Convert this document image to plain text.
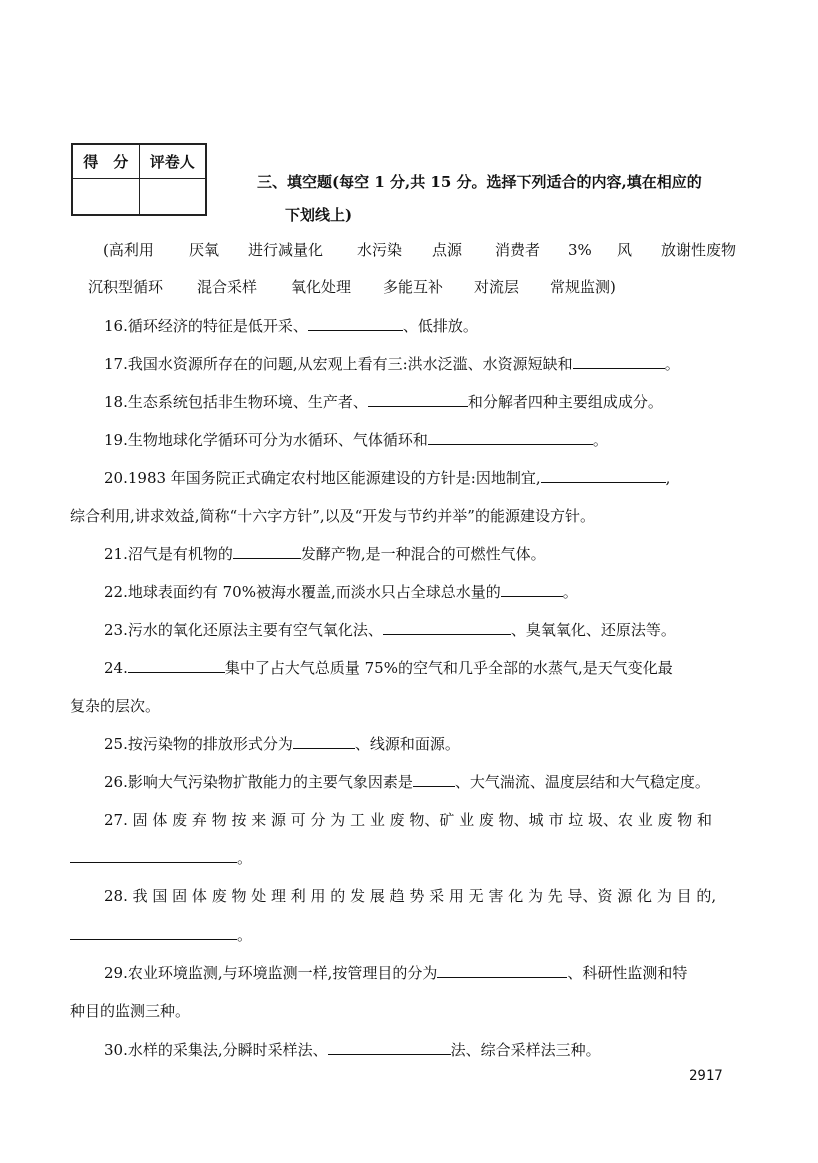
得　分	评卷人

三、填空题(每空 1 分,共 15 分。选择下列适合的内容,填在相应的
下划线上)
(高利用 厌氧 进行减量化 水污染 点源 消费者 3% 风 放谢性废物
沉积型循环 混合采样 氧化处理 多能互补 对流层 常规监测)
16.循环经济的特征是低开采、	、低排放。
17.我国水资源所存在的问题,从宏观上看有三:洪水泛滥、水资源短缺和	。
18.生态系统包括非生物环境、生产者、	和分解者四种主要组成成分。
19.生物地球化学循环可分为水循环、气体循环和	。
20.1983 年国务院正式确定农村地区能源建设的方针是:因地制宜,	,
综合利用,讲求效益,简称“十六字方针”,以及“开发与节约并举”的能源建设方针。
21.沼气是有机物的	发酵产物,是一种混合的可燃性气体。
22.地球表面约有 70%被海水覆盖,而淡水只占全球总水量的	。
23.污水的氧化还原法主要有空气氧化法、	、臭氧氧化、还原法等。
24.	集中了占大气总质量 75%的空气和几乎全部的水蒸气,是天气变化最
复杂的层次。
25.按污染物的排放形式分为	、线源和面源。
26.影响大气污染物扩散能力的主要气象因素是	、大气湍流、温度层结和大气稳定度。
27. 固 体 废 弃 物 按 来 源 可 分 为 工 业 废 物、矿 业 废 物、城 市 垃 圾、农 业 废 物 和
。
28. 我 国 固 体 废 物 处 理 利 用 的 发 展 趋 势 采 用 无 害 化 为 先 导、资 源 化 为 目 的,
。
29.农业环境监测,与环境监测一样,按管理目的分为	、科研性监测和特
种目的监测三种。
30.水样的采集法,分瞬时采样法、	法、综合采样法三种。
2917
